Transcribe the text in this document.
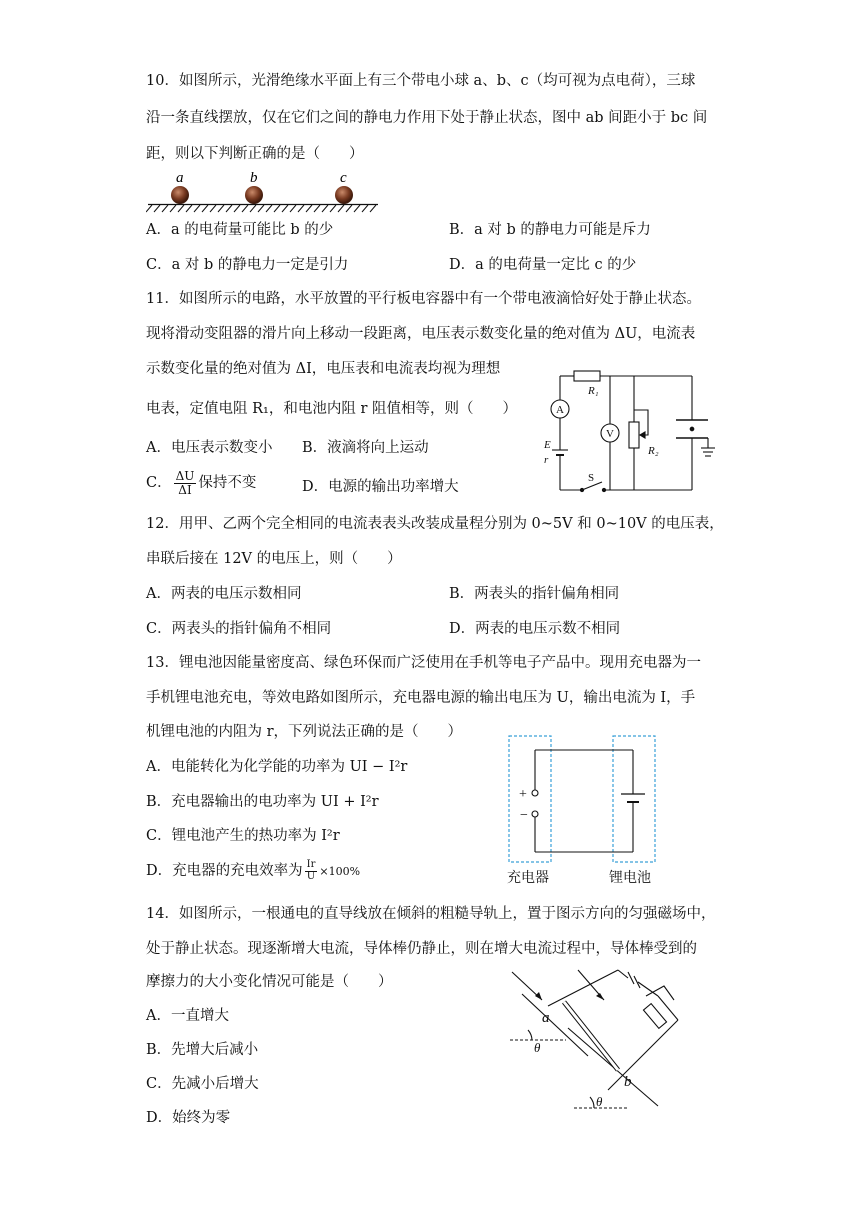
10．如图所示，光滑绝缘水平面上有三个带电小球 a、b、c（均可视为点电荷），三球
沿一条直线摆放，仅在它们之间的静电力作用下处于静止状态，图中 ab 间距小于 bc 间
距，则以下判断正确的是（　　）
a	b	c
A．a 的电荷量可能比 b 的少	B．a 对 b 的静电力可能是斥力
C．a 对 b 的静电力一定是引力	D．a 的电荷量一定比 c 的少
11．如图所示的电路，水平放置的平行板电容器中有一个带电液滴恰好处于静止状态。
现将滑动变阻器的滑片向上移动一段距离，电压表示数变化量的绝对值为 ΔU，电流表
示数变化量的绝对值为 ΔI，电压表和电流表均视为理想
电表，定值电阻 R₁，和电池内阻 r 阻值相等，则（　　）
A．电压表示数变小 B．液滴将向上运动
C． $\frac{\Delta U}{\Delta I}$ 保持不变	D．电源的输出功率增大
A
V
R₁
R₂
E
r
S
12．用甲、乙两个完全相同的电流表表头改装成量程分别为 0~5V 和 0~10V 的电压表，
串联后接在 12V 的电压上，则（　　）
A．两表的电压示数相同	B．两表头的指针偏角相同
C．两表头的指针偏角不相同	D．两表的电压示数不相同
13．锂电池因能量密度高、绿色环保而广泛使用在手机等电子产品中。现用充电器为一
手机锂电池充电，等效电路如图所示，充电器电源的输出电压为 U，输出电流为 I，手
机锂电池的内阻为 r，下列说法正确的是（　　）
A．电能转化为化学能的功率为 UI − I²r
B．充电器输出的电功率为 UI + I²r
C．锂电池产生的热功率为 I²r
D．充电器的充电效率为 $\frac{Ir}{U} \times 100\%$
+
−
充电器	锂电池
14．如图所示，一根通电的直导线放在倾斜的粗糙导轨上，置于图示方向的匀强磁场中，
处于静止状态。现逐渐增大电流，导体棒仍静止，则在增大电流过程中，导体棒受到的
摩擦力的大小变化情况可能是（　　）
A．一直增大
B．先增大后减小
C．先减小后增大
D．始终为零
a
b
θ
θ
